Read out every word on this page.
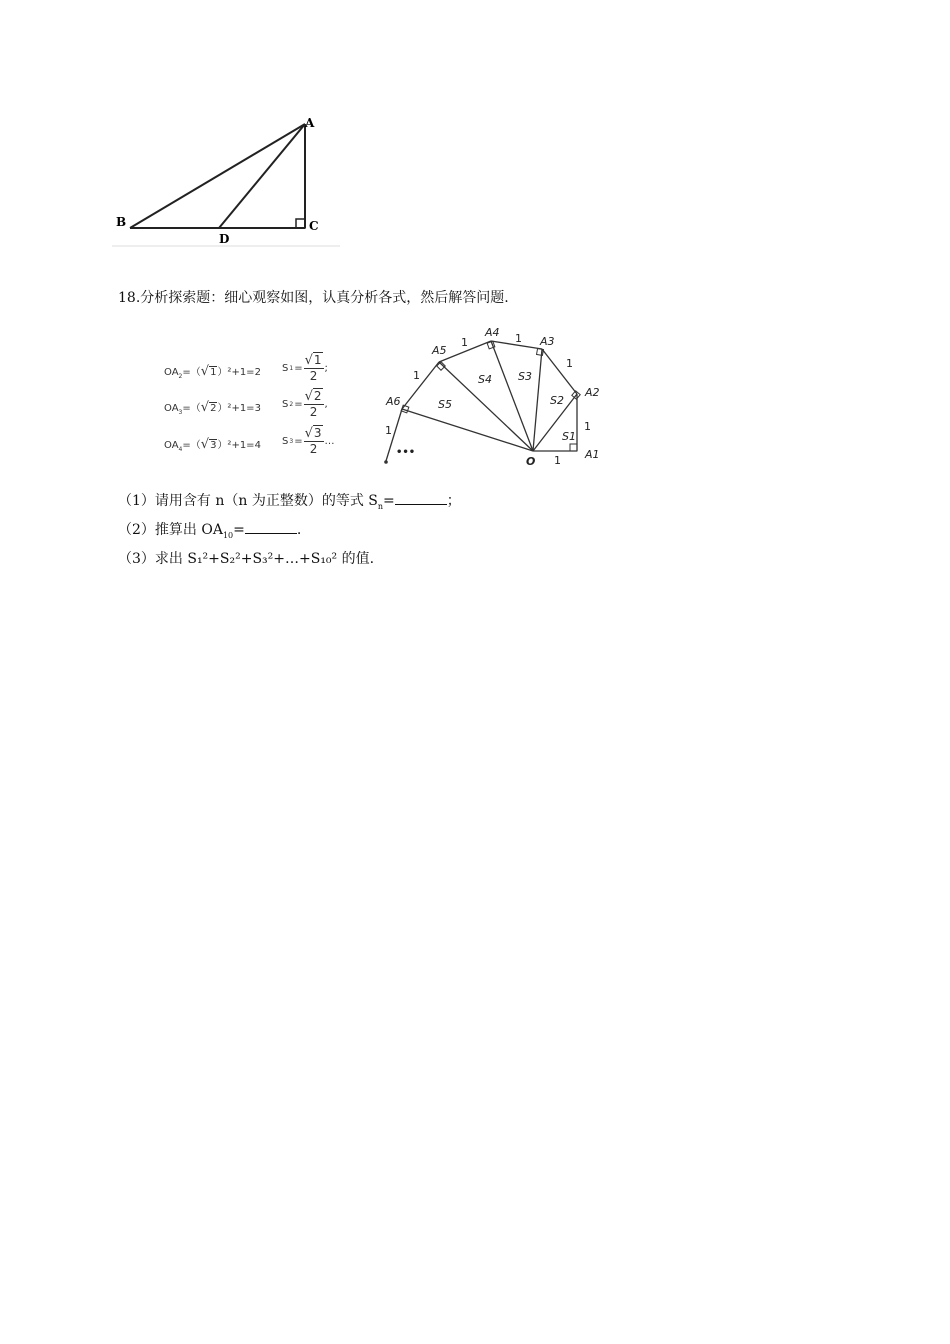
A
B	C
D
18.分析探索题：细心观察如图，认真分析各式，然后解答问题.
$OA_2=(√1)^2+1=2$ S $1 = \frac{√1}{2}$ ;
$OA_3=(√2)^2+1=3$ S $2 = \frac{√2}{2}$ ,
$OA_4=(√3)^2+1=4$ S $3 = \frac{√3}{2}$ …
A1
A2
A3
A4
A5
A6
O
S1
S2
S3
S4
S5
1
1
1
1
1
1
1
•••
（1）请用含有 n（n 为正整数）的等式 $S_n=$	；
（2）推算出 $OA_{10}=$	.
（3）求出 S₁²+S₂²+S₃²+…+S₁₀² 的值.
